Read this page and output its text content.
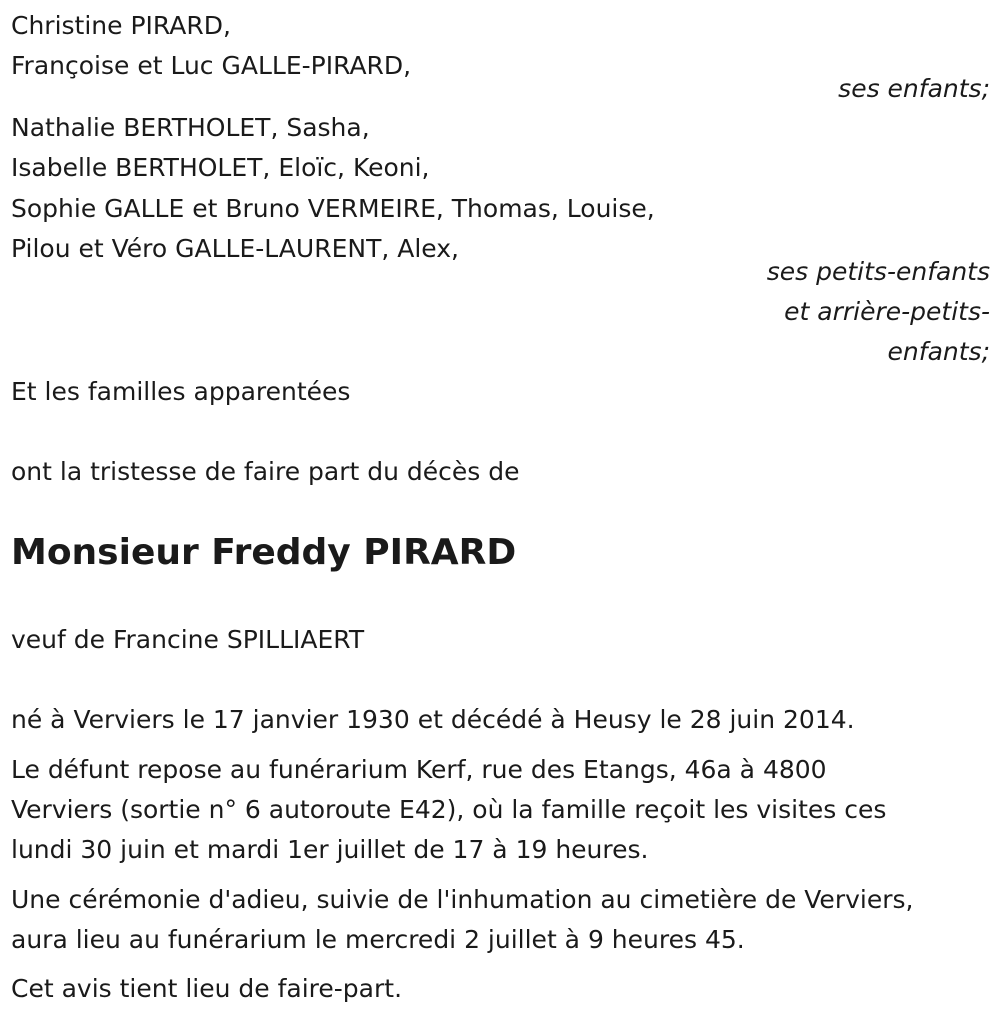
Christine PIRARD,
Françoise et Luc GALLE-PIRARD,
ses enfants;
Nathalie BERTHOLET, Sasha,
Isabelle BERTHOLET, Eloïc, Keoni,
Sophie GALLE et Bruno VERMEIRE, Thomas, Louise,
Pilou et Véro GALLE-LAURENT, Alex,
ses petits-enfants
et arrière-petits-
enfants;
Et les familles apparentées
ont la tristesse de faire part du décès de
Monsieur Freddy PIRARD
veuf de Francine SPILLIAERT
né à Verviers le 17 janvier 1930 et décédé à Heusy le 28 juin 2014.
Le défunt repose au funérarium Kerf, rue des Etangs, 46a à 4800
Verviers (sortie n° 6 autoroute E42), où la famille reçoit les visites ces
lundi 30 juin et mardi 1er juillet de 17 à 19 heures.
Une cérémonie d'adieu, suivie de l'inhumation au cimetière de Verviers,
aura lieu au funérarium le mercredi 2 juillet à 9 heures 45.
Cet avis tient lieu de faire-part.
